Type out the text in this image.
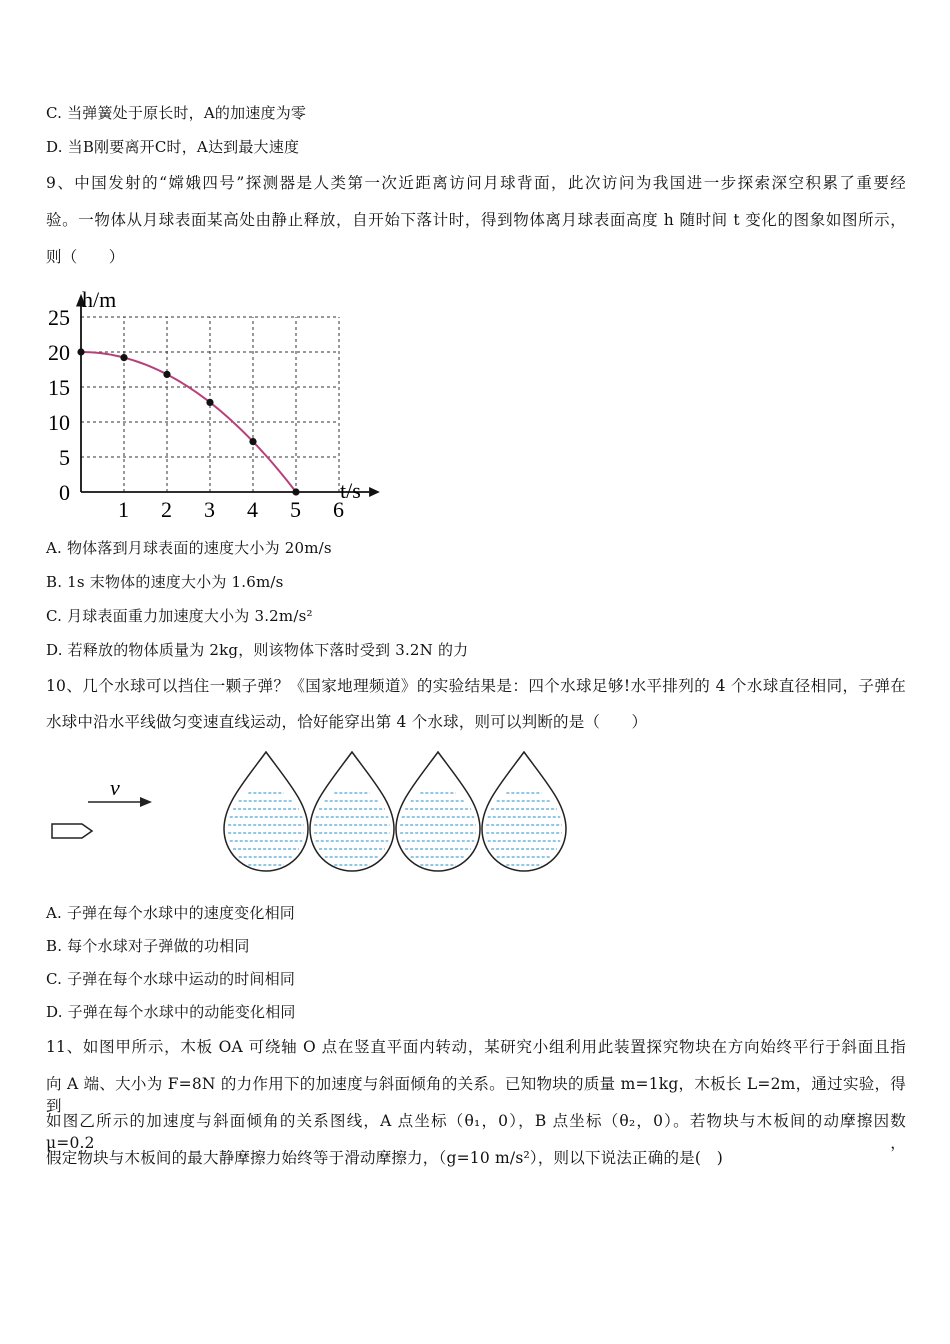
C. 当弹簧处于原长时，A的加速度为零
D. 当B刚要离开C时，A达到最大速度
9、中国发射的“嫦娥四号”探测器是人类第一次近距离访问月球背面，此次访问为我国进一步探索深空积累了重要经
验。一物体从月球表面某高处由静止释放，自开始下落计时，得到物体离月球表面高度 h 随时间 t 变化的图象如图所示，
则（　　）
1 2 3 4 5 6
0
5
10
15
20
25
h/m
t/s
A. 物体落到月球表面的速度大小为 20m/s
B. 1s 末物体的速度大小为 1.6m/s
C. 月球表面重力加速度大小为 3.2m/s²
D. 若释放的物体质量为 2kg，则该物体下落时受到 3.2N 的力
10、几个水球可以挡住一颗子弹？《国家地理频道》的实验结果是：四个水球足够!水平排列的 4 个水球直径相同，子弹在
水球中沿水平线做匀变速直线运动，恰好能穿出第 4 个水球，则可以判断的是（　　）
v
A. 子弹在每个水球中的速度变化相同
B. 每个水球对子弹做的功相同
C. 子弹在每个水球中运动的时间相同
D. 子弹在每个水球中的动能变化相同
11、如图甲所示，木板 OA 可绕轴 O 点在竖直平面内转动，某研究小组利用此装置探究物块在方向始终平行于斜面且指
向 A 端、大小为 F=8N 的力作用下的加速度与斜面倾角的关系。已知物块的质量 m=1kg，木板长 L=2m，通过实验，得到
如图乙所示的加速度与斜面倾角的关系图线，A 点坐标（θ₁，0），B 点坐标（θ₂，0）。若物块与木板间的动摩擦因数 μ=0.2，
假定物块与木板间的最大静摩擦力始终等于滑动摩擦力，（g=10 m/s²），则以下说法正确的是(　)
